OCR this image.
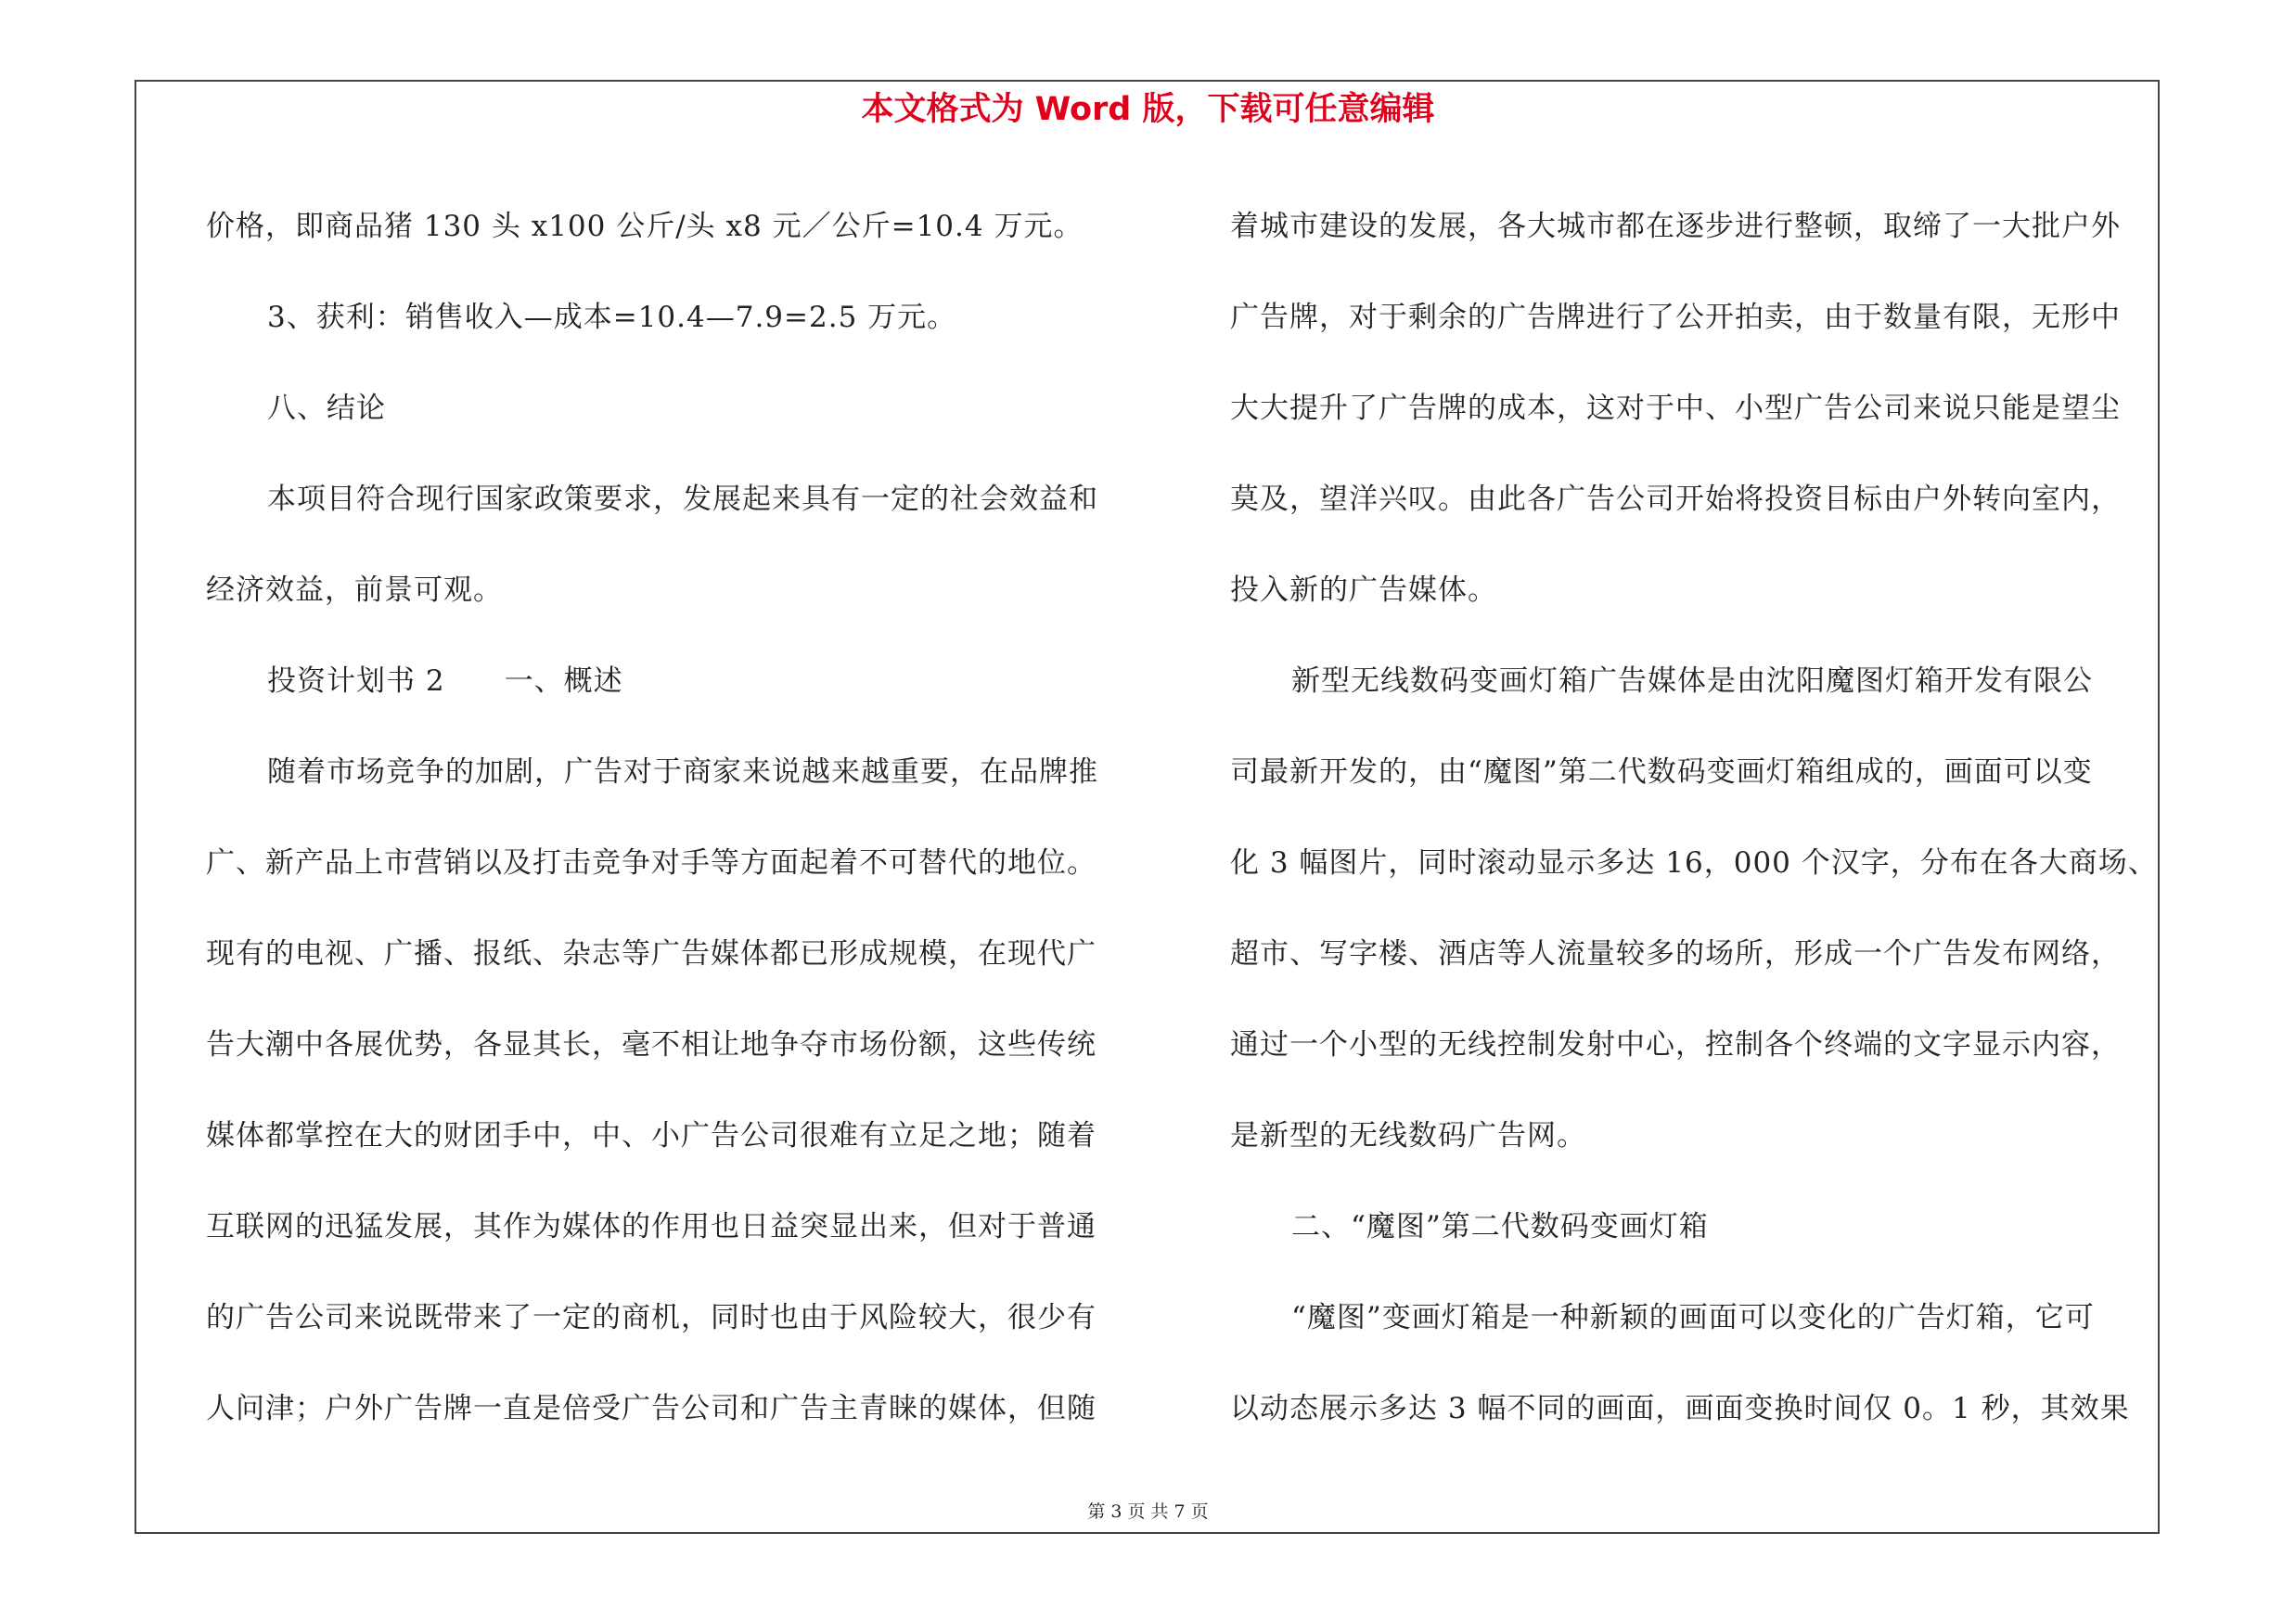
本文格式为 Word 版，下载可任意编辑

价格，即商品猪 130 头 x100 公斤/头 x8 元／公斤=10.4 万元。

3、获利：销售收入—成本=10.4—7.9=2.5 万元。

八、结论

本项目符合现行国家政策要求，发展起来具有一定的社会效益和

经济效益，前景可观。

投资计划书 2　　一、概述

随着市场竞争的加剧，广告对于商家来说越来越重要，在品牌推

广、新产品上市营销以及打击竞争对手等方面起着不可替代的地位。

现有的电视、广播、报纸、杂志等广告媒体都已形成规模，在现代广

告大潮中各展优势，各显其长，毫不相让地争夺市场份额，这些传统

媒体都掌控在大的财团手中，中、小广告公司很难有立足之地；随着

互联网的迅猛发展，其作为媒体的作用也日益突显出来，但对于普通

的广告公司来说既带来了一定的商机，同时也由于风险较大，很少有

人问津；户外广告牌一直是倍受广告公司和广告主青睐的媒体，但随

着城市建设的发展，各大城市都在逐步进行整顿，取缔了一大批户外

广告牌，对于剩余的广告牌进行了公开拍卖，由于数量有限，无形中

大大提升了广告牌的成本，这对于中、小型广告公司来说只能是望尘

莫及，望洋兴叹。由此各广告公司开始将投资目标由户外转向室内，

投入新的广告媒体。

新型无线数码变画灯箱广告媒体是由沈阳魔图灯箱开发有限公

司最新开发的，由“魔图”第二代数码变画灯箱组成的，画面可以变

化 3 幅图片，同时滚动显示多达 16，000 个汉字，分布在各大商场、

超市、写字楼、酒店等人流量较多的场所，形成一个广告发布网络，

通过一个小型的无线控制发射中心，控制各个终端的文字显示内容，

是新型的无线数码广告网。

二、“魔图”第二代数码变画灯箱

“魔图”变画灯箱是一种新颖的画面可以变化的广告灯箱，它可

以动态展示多达 3 幅不同的画面，画面变换时间仅 0。1 秒，其效果

第 3 页 共 7 页
